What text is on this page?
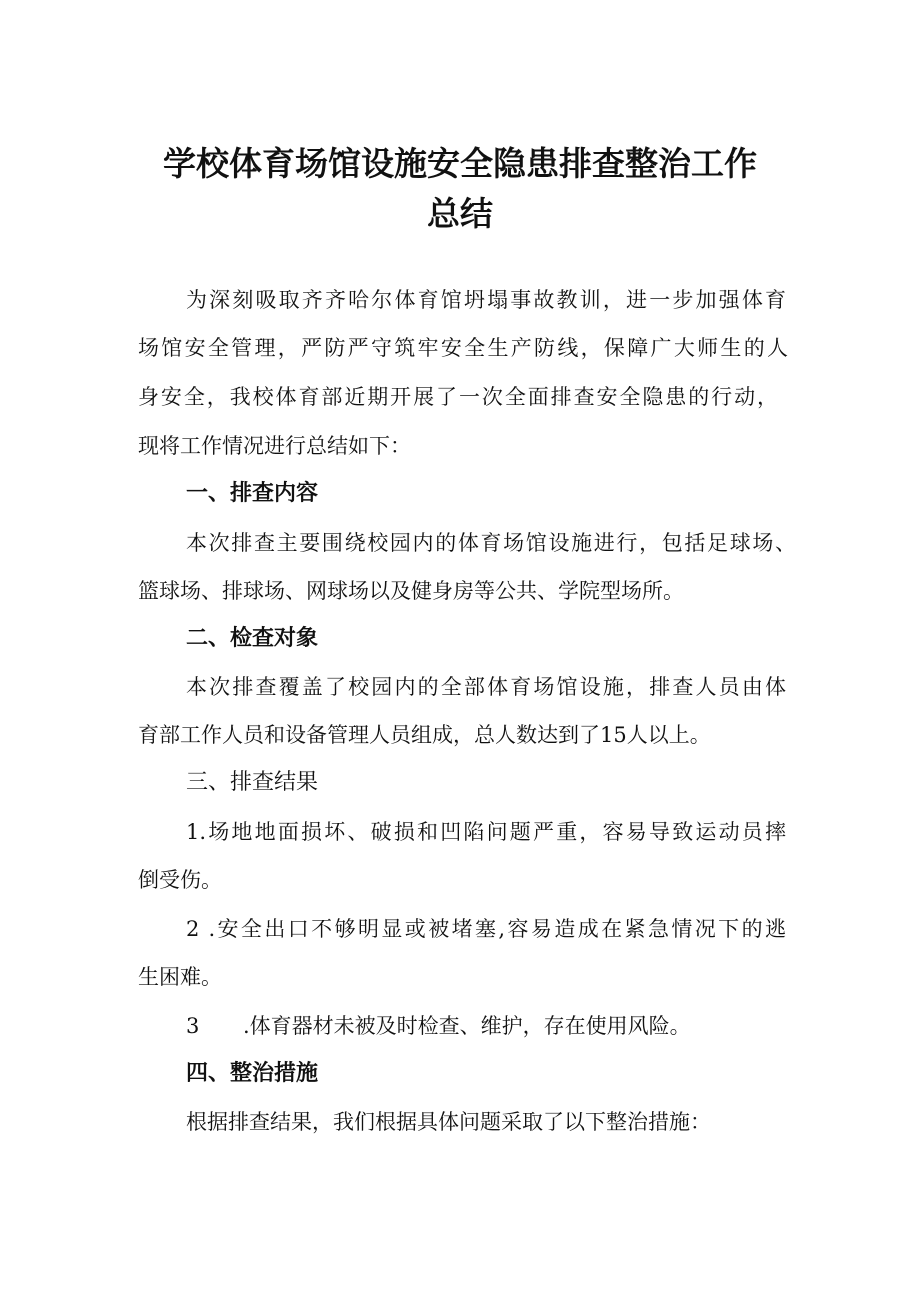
学校体育场馆设施安全隐患排查整治工作
总结
为深刻吸取齐齐哈尔体育馆坍塌事故教训，进一步加强体育
场馆安全管理，严防严守筑牢安全生产防线，保障广大师生的人
身安全，我校体育部近期开展了一次全面排查安全隐患的行动，
现将工作情况进行总结如下：
一、排查内容
本次排查主要围绕校园内的体育场馆设施进行，包括足球场、
篮球场、排球场、网球场以及健身房等公共、学院型场所。
二、检查对象
本次排查覆盖了校园内的全部体育场馆设施，排查人员由体
育部工作人员和设备管理人员组成，总人数达到了15人以上。
三、排查结果
1.场地地面损坏、破损和凹陷问题严重，容易导致运动员摔
倒受伤。
2 .安全出口不够明显或被堵塞,容易造成在紧急情况下的逃
生困难。
3	.体育器材未被及时检查、维护，存在使用风险。
四、整治措施
根据排查结果，我们根据具体问题采取了以下整治措施：
